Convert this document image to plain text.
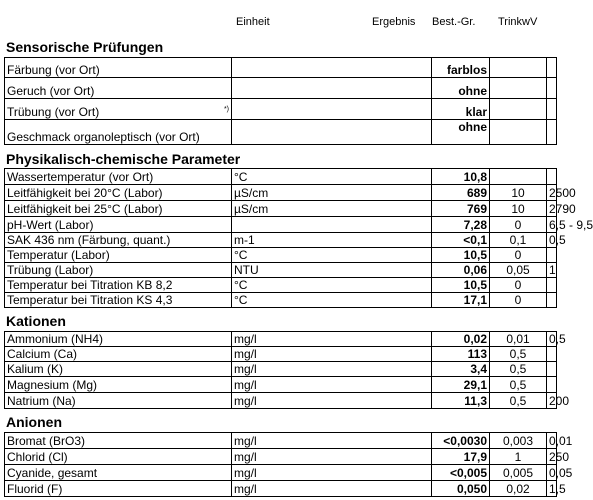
Einheit	Ergebnis Best.-Gr. TrinkwV
Sensorische Prüfungen
Färbung (vor Ort)		farblos		
Geruch (vor Ort)		ohne		
Trübung (vor Ort) *)		klar		
Geschmack organoleptisch (vor Ort)		ohne		
Physikalisch-chemische Parameter
Wassertemperatur (vor Ort)	°C	10,8		
Leitfähigkeit bei 20°C (Labor)	µS/cm	689	10	2500
Leitfähigkeit bei 25°C (Labor)	µS/cm	769	10	2790
pH-Wert (Labor)		7,28	0	6,5 - 9,5
SAK 436 nm (Färbung, quant.)	m-1	<0,1	0,1	0,5
Temperatur (Labor)	°C	10,5	0	
Trübung (Labor)	NTU	0,06	0,05	1
Temperatur bei Titration KB 8,2	°C	10,5	0	
Temperatur bei Titration KS 4,3	°C	17,1	0	
Kationen
Ammonium (NH4)	mg/l	0,02	0,01	0,5
Calcium (Ca)	mg/l	113	0,5	
Kalium (K)	mg/l	3,4	0,5	
Magnesium (Mg)	mg/l	29,1	0,5	
Natrium (Na)	mg/l	11,3	0,5	200
Anionen
Bromat (BrO3)	mg/l	<0,0030	0,003	0,01
Chlorid (Cl)	mg/l	17,9	1	250
Cyanide, gesamt	mg/l	<0,005	0,005	0,05
Fluorid (F)	mg/l	0,050	0,02	1,5
